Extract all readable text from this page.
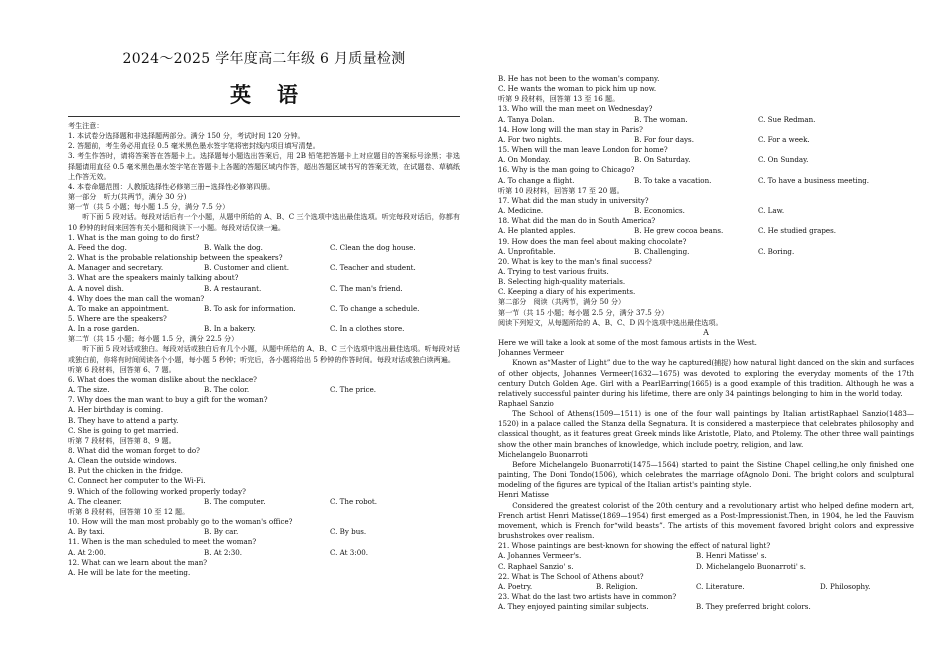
2024～2025 学年度高二年级 6 月质量检测
英语
考生注意：
1. 本试卷分选择题和非选择题两部分。满分 150 分，考试时间 120 分钟。
2. 答题前，考生务必用直径 0.5 毫米黑色墨水签字笔将密封线内项目填写清楚。
3. 考生作答时，请将答案答在答题卡上。选择题每小题选出答案后，用 2B 铅笔把答题卡上对应题目的答案标号涂黑；非选择题请用直径 0.5 毫米黑色墨水签字笔在答题卡上各题的答题区域内作答，超出答题区域书写的答案无效，在试题卷、草稿纸上作答无效。
4. 本卷命题范围：人教版选择性必修第三册~选择性必修第四册。
第一部分　听力(共两节，满分 30 分)
第一节（共 5 小题；每小题 1.5 分，满分 7.5 分）
听下面 5 段对话。每段对话后有一个小题，从题中所给的 A、B、C 三个选项中选出最佳选项。听完每段对话后，你都有 10 秒钟的时间来回答有关小题和阅读下一小题。每段对话仅读一遍。
1. What is the man going to do first?
A. Feed the dog.	B. Walk the dog.	C. Clean the dog house.
2. What is the probable relationship between the speakers?
A. Manager and secretary.	B. Customer and client.	C. Teacher and student.
3. What are the speakers mainly talking about?
A. A novel dish.	B. A restaurant.	C. The man's friend.
4. Why does the man call the woman?
A. To make an appointment.	B. To ask for information.	C. To change a schedule.
5. Where are the speakers?
A. In a rose garden.	B. In a bakery.	C. In a clothes store.
第二节（共 15 小题；每小题 1.5 分，满分 22.5 分）
听下面 5 段对话或独白。每段对话或独白后有几个小题，从题中所给的 A、B、C 三个选项中选出最佳选项。听每段对话或独白前，你将有时间阅读各个小题，每小题 5 秒钟；听完后，各小题将给出 5 秒钟的作答时间。每段对话或独白读两遍。
听第 6 段材料，回答第 6、7 题。
6. What does the woman dislike about the necklace?
A. The size.	B. The color.	C. The price.
7. Why does the man want to buy a gift for the woman?
A. Her birthday is coming.
B. They have to attend a party.
C. She is going to get married.
听第 7 段材料，回答第 8、9 题。
8. What did the woman forget to do?
A. Clean the outside windows.
B. Put the chicken in the fridge.
C. Connect her computer to the Wi-Fi.
9. Which of the following worked properly today?
A. The cleaner.	B. The computer.	C. The robot.
听第 8 段材料，回答第 10 至 12 题。
10. How will the man most probably go to the woman's office?
A. By taxi.	B. By car.	C. By bus.
11. When is the man scheduled to meet the woman?
A. At 2:00.	B. At 2:30.	C. At 3:00.
12. What can we learn about the man?
A. He will be late for the meeting.
B. He has not been to the woman's company.
C. He wants the woman to pick him up now.
听第 9 段材料，回答第 13 至 16 题。
13. Who will the man meet on Wednesday?
A. Tanya Dolan.	B. The woman.	C. Sue Redman.
14. How long will the man stay in Paris?
A. For two nights.	B. For four days.	C. For a week.
15. When will the man leave London for home?
A. On Monday.	B. On Saturday.	C. On Sunday.
16. Why is the man going to Chicago?
A. To change a flight.	B. To take a vacation.	C. To have a business meeting.
听第 10 段材料，回答第 17 至 20 题。
17. What did the man study in university?
A. Medicine.	B. Economics.	C. Law.
18. What did the man do in South America?
A. He planted apples.	B. He grew cocoa beans.	C. He studied grapes.
19. How does the man feel about making chocolate?
A. Unprofitable.	B. Challenging.	C. Boring.
20. What is key to the man's final success?
A. Trying to test various fruits.
B. Selecting high-quality materials.
C. Keeping a diary of his experiments.
第二部分　阅读（共两节，满分 50 分）
第一节（共 15 小题；每小题 2.5 分，满分 37.5 分）
阅读下列短文，从每题所给的 A、B、C、D 四个选项中选出最佳选项。
A
Here we will take a look at some of the most famous artists in the West.
Johannes Vermeer
Known as“Master of Light” due to the way he captured(捕捉) how natural light danced on the skin and surfaces of other objects, Johannes Vermeer(1632—1675) was devoted to exploring the everyday moments of the 17th century Dutch Golden Age. Girl with a PearlEarring(1665) is a good example of this tradition. Although he was a relatively successful painter during his lifetime, there are only 34 paintings belonging to him in the world today.
Raphael Sanzio
The School of Athens(1509—1511) is one of the four wall paintings by Italian artistRaphael Sanzio(1483—1520) in a palace called the Stanza della Segnatura. It is considered a masterpiece that celebrates philosophy and classical thought, as it features great Greek minds like Aristotle, Plato, and Ptolemy. The other three wall paintings show the other main branches of knowledge, which include poetry, religion, and law.
Michelangelo Buonarroti
Before Michelangelo Buonarroti(1475—1564) started to paint the Sistine Chapel celling,he only finished one painting, The Doni Tondo(1506), which celebrates the marriage ofAgnolo Doni. The bright colors and sculptural modeling of the figures are typical of the Italian artist's painting style.
Henri Matisse
Considered the greatest colorist of the 20th century and a revolutionary artist who helped define modern art, French artist Henri Matisse(1869—1954) first emerged as a Post-Impressionist.Then, in 1904, he led the Fauvism movement, which is French for“wild beasts”. The artists of this movement favored bright colors and expressive brushstrokes over realism.
21. Whose paintings are best-known for showing the effect of natural light?
A. Johannes Vermeer's.	B. Henri Matisse' s.
C. Raphael Sanzio' s.	D. Michelangelo Buonarroti' s.
22. What is The School of Athens about?
A. Poetry.	B. Religion.	C. Literature.	D. Philosophy.
23. What do the last two artists have in common?
A. They enjoyed painting similar subjects.	B. They preferred bright colors.
